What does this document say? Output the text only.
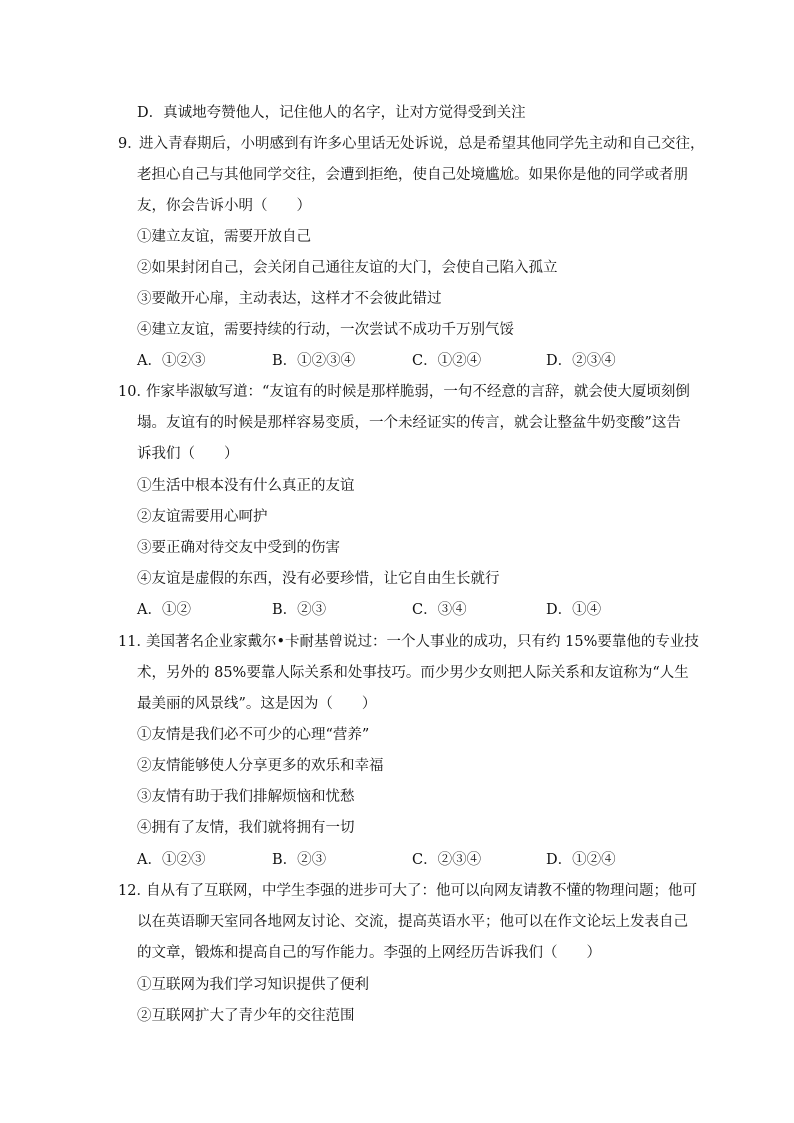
D．真诚地夸赞他人，记住他人的名字，让对方觉得受到关注
9．
进入青春期后，小明感到有许多心里话无处诉说，总是希望其他同学先主动和自己交往，
老担心自己与其他同学交往，会遭到拒绝，使自己处境尴尬。如果你是他的同学或者朋
友，你会告诉小明（　　）
①建立友谊，需要开放自己
②如果封闭自己，会关闭自己通往友谊的大门，会使自己陷入孤立
③要敞开心扉，主动表达，这样才不会彼此错过
④建立友谊，需要持续的行动，一次尝试不成功千万别气馁
A．①②③	B．①②③④	C．①②④	D．②③④
10．
作家毕淑敏写道：“友谊有的时候是那样脆弱，一句不经意的言辞，就会使大厦顷刻倒
塌。友谊有的时候是那样容易变质，一个未经证实的传言，就会让整盆牛奶变酸”这告
诉我们（　　）
①生活中根本没有什么真正的友谊
②友谊需要用心呵护
③要正确对待交友中受到的伤害
④友谊是虚假的东西，没有必要珍惜，让它自由生长就行
A．①②	B．②③	C．③④	D．①④
11．
美国著名企业家戴尔•卡耐基曾说过：一个人事业的成功，只有约 15%要靠他的专业技
术，另外的 85%要靠人际关系和处事技巧。而少男少女则把人际关系和友谊称为“人生
最美丽的风景线”。这是因为（　　）
①友情是我们必不可少的心理“营养”
②友情能够使人分享更多的欢乐和幸福
③友情有助于我们排解烦恼和忧愁
④拥有了友情，我们就将拥有一切
A．①②③	B．②③	C．②③④	D．①②④
12．
自从有了互联网，中学生李强的进步可大了：他可以向网友请教不懂的物理问题；他可
以在英语聊天室同各地网友讨论、交流，提高英语水平；他可以在作文论坛上发表自己
的文章，锻炼和提高自己的写作能力。李强的上网经历告诉我们（　　）
①互联网为我们学习知识提供了便利
②互联网扩大了青少年的交往范围
